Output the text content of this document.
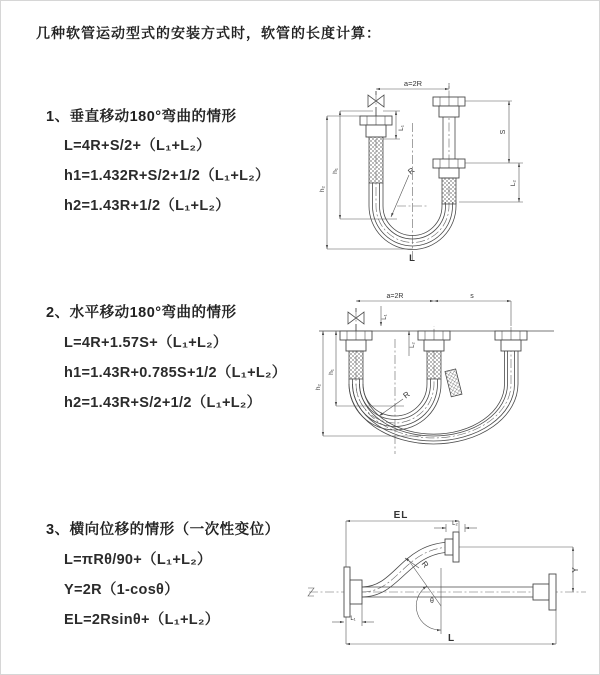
几种软管运动型式的安装方式时，软管的长度计算：
1、垂直移动180°弯曲的情形
L=4R+S/2+（L₁+L₂）
h1=1.432R+S/2+1/2（L₁+L₂）
h2=1.43R+1/2（L₁+L₂）
2、水平移动180°弯曲的情形
L=4R+1.57S+（L₁+L₂）
h1=1.43R+0.785S+1/2（L₁+L₂）
h2=1.43R+S/2+1/2（L₁+L₂）
3、横向位移的情形（一次性变位）
L=πRθ/90+（L₁+L₂）
Y=2R（1-cosθ）
EL=2Rsinθ+（L₁+L₂）
a=2R
L₁
S
L₂
h₁
h₂
R
L
a=2R	s
L₁
L₂
h₁
h₂
R
θ
R
EL
L₂
Y
L
L₁
